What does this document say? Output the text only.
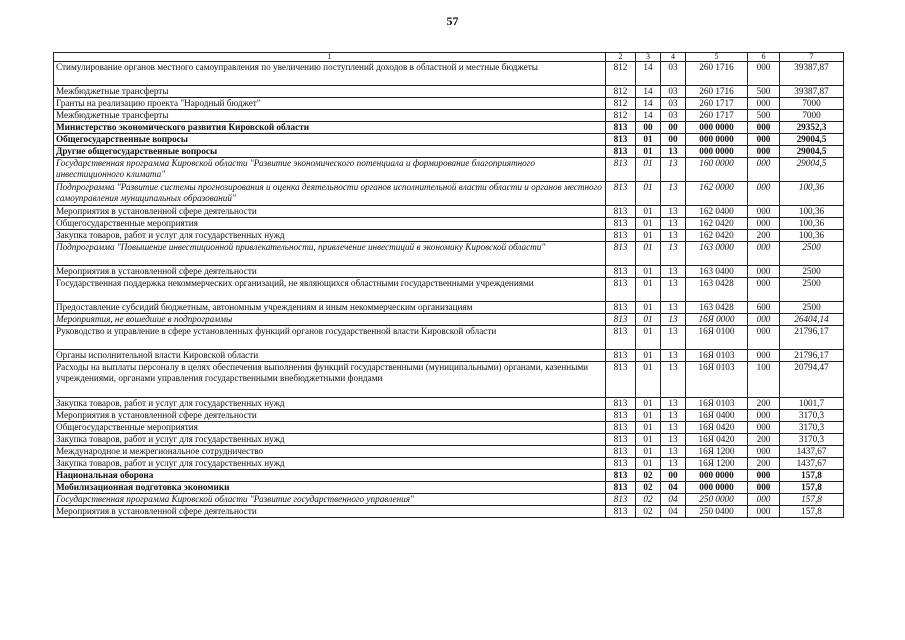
57
1	2	3	4	5	6	7
Стимулирование органов местного самоуправления по увеличению поступлений доходов в областной и местные бюджеты	812	14	03	260 1716	000	39387,87
Межбюджетные трансферты	812	14	03	260 1716	500	39387,87
Гранты на реализацию проекта "Народный бюджет"	812	14	03	260 1717	000	7000
Межбюджетные трансферты	812	14	03	260 1717	500	7000
Министерство экономического развития Кировской области	813	00	00	000 0000	000	29352,3
Общегосударственные вопросы	813	01	00	000 0000	000	29004,5
Другие общегосударственные вопросы	813	01	13	000 0000	000	29004,5
Государственная программа Кировской области "Развитие экономического потенциала и формирование благоприятного инвестиционного климата"	813	01	13	160 0000	000	29004,5
Подпрограмма "Развитие системы прогнозирования и оценка деятельности органов исполнительной власти области и органов местного самоуправления муниципальных образований"	813	01	13	162 0000	000	100,36
Мероприятия в установленной сфере деятельности	813	01	13	162 0400	000	100,36
Общегосударственные мероприятия	813	01	13	162 0420	000	100,36
Закупка товаров, работ и услуг для государственных нужд	813	01	13	162 0420	200	100,36
Подпрограмма "Повышение инвестиционной привлекательности, привлечение инвестиций в экономику Кировской области"	813	01	13	163 0000	000	2500
Мероприятия в установленной сфере деятельности	813	01	13	163 0400	000	2500
Государственная поддержка некоммерческих организаций, не являющихся областными государственными учреждениями	813	01	13	163 0428	000	2500
Предоставление субсидий бюджетным, автономным учреждениям и иным некоммерческим организациям	813	01	13	163 0428	600	2500
Мероприятия, не вошедшие в подпрограммы	813	01	13	16Я 0000	000	26404,14
Руководство и управление в сфере установленных функций органов государственной власти Кировской области	813	01	13	16Я 0100	000	21796,17
Органы исполнительной власти Кировской области	813	01	13	16Я 0103	000	21796,17
Расходы на выплаты персоналу в целях обеспечения выполнения функций государственными (муниципальными) органами, казенными учреждениями, органами управления государственными внебюджетными фондами	813	01	13	16Я 0103	100	20794,47
Закупка товаров, работ и услуг для государственных нужд	813	01	13	16Я 0103	200	1001,7
Мероприятия в установленной сфере деятельности	813	01	13	16Я 0400	000	3170,3
Общегосударственные мероприятия	813	01	13	16Я 0420	000	3170,3
Закупка товаров, работ и услуг для государственных нужд	813	01	13	16Я 0420	200	3170,3
Международное и межрегиональное сотрудничество	813	01	13	16Я 1200	000	1437,67
Закупка товаров, работ и услуг для государственных нужд	813	01	13	16Я 1200	200	1437,67
Национальная оборона	813	02	00	000 0000	000	157,8
Мобилизационная подготовка экономики	813	02	04	000 0000	000	157,8
Государственная программа Кировской области "Развитие государственного управления"	813	02	04	250 0000	000	157,8
Мероприятия в установленной сфере деятельности	813	02	04	250 0400	000	157,8
